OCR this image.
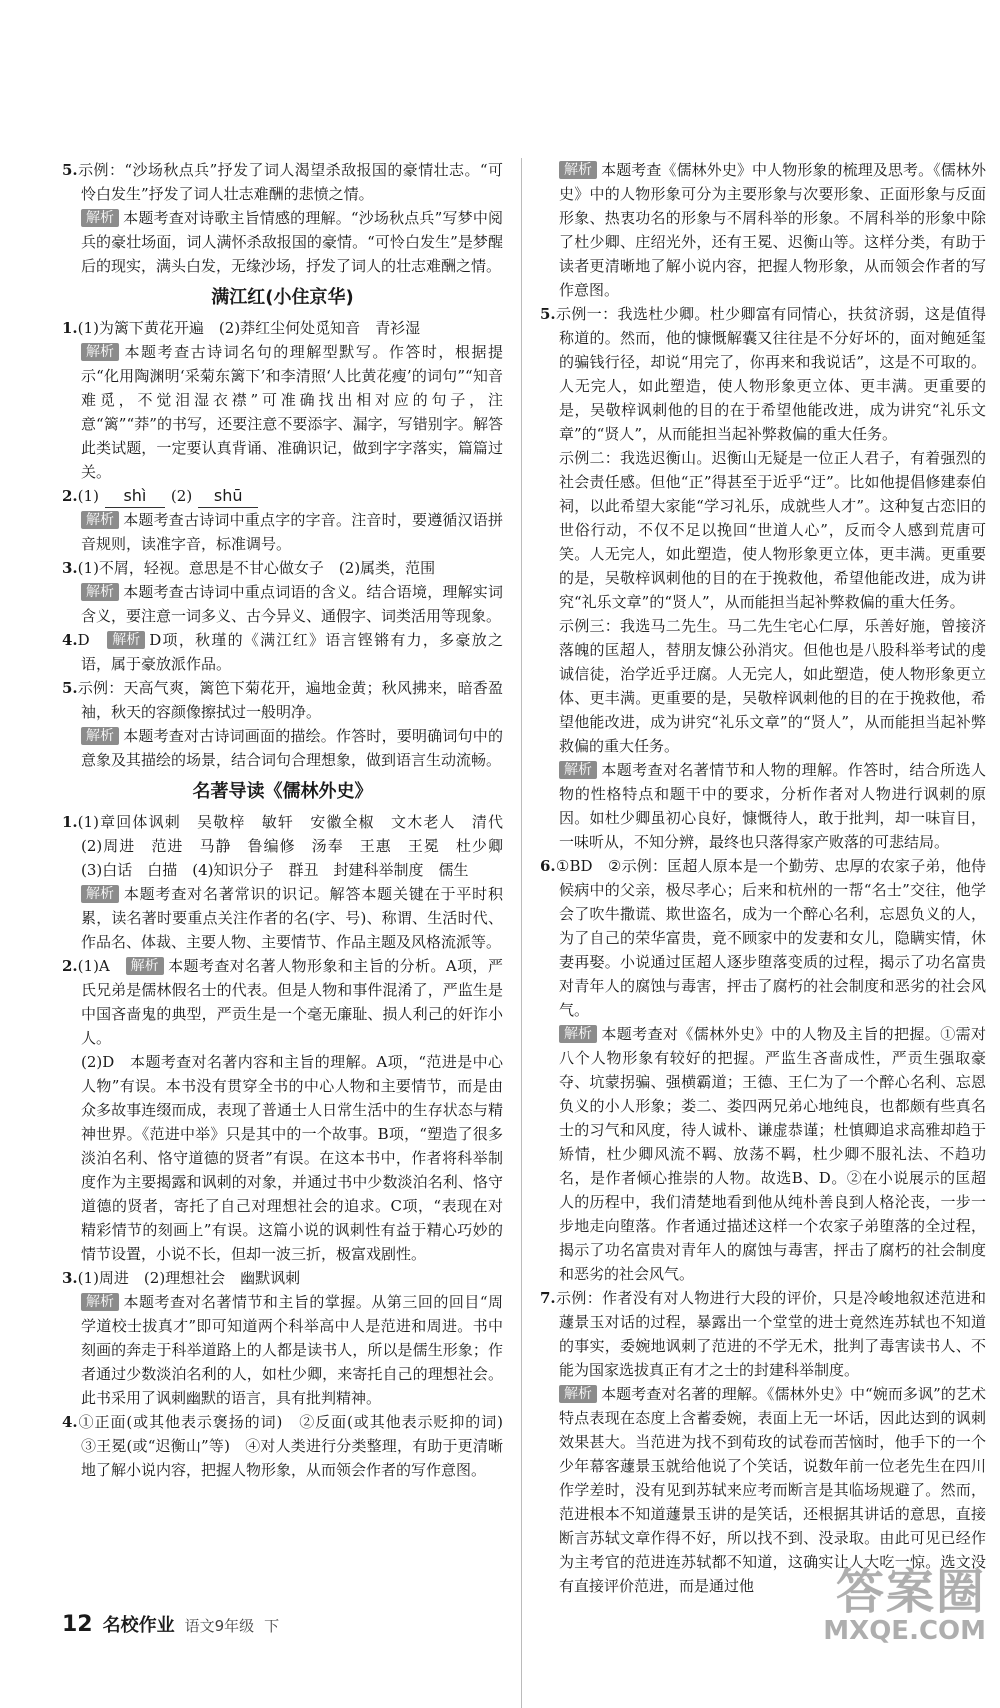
5.示例：“沙场秋点兵”抒发了词人渴望杀敌报国的豪情壮志。“可怜白发生”抒发了词人壮志难酬的悲愤之情。

解析 本题考查对诗歌主旨情感的理解。“沙场秋点兵”写梦中阅兵的豪壮场面，词人满怀杀敌报国的豪情。“可怜白发生”是梦醒后的现实，满头白发，无缘沙场，抒发了词人的壮志难酬之情。

满江红(小住京华)

1.(1)为篱下黄花开遍　(2)莽红尘何处觅知音　青衫湿

解析 本题考查古诗词名句的理解型默写。作答时，根据提示“化用陶渊明‘采菊东篱下’和李清照‘人比黄花瘦’的词句”“知音难觅，不觉泪湿衣襟”可准确找出相对应的句子，注意“篱”“莽”的书写，还要注意不要添字、漏字，写错别字。解答此类试题，一定要认真背诵、准确识记，做到字字落实，篇篇过关。

2.(1) shì (2) shū

解析 本题考查古诗词中重点字的字音。注音时，要遵循汉语拼音规则，读准字音，标准调号。

3.(1)不屑，轻视。意思是不甘心做女子　(2)属类，范围

解析 本题考查古诗词中重点词语的含义。结合语境，理解实词含义，要注意一词多义、古今异义、通假字、词类活用等现象。

4.D　 解析 D项，秋瑾的《满江红》语言铿锵有力，多豪放之语，属于豪放派作品。

5.示例：天高气爽，篱笆下菊花开，遍地金黄；秋风拂来，暗香盈袖，秋天的容颜像擦拭过一般明净。

解析 本题考查对古诗词画面的描绘。作答时，要明确词句中的意象及其描绘的场景，结合词句合理想象，做到语言生动流畅。

名著导读《儒林外史》

1.(1)章回体讽刺　吴敬梓　敏轩　安徽全椒　文木老人　清代　(2)周进　范进　马静　鲁编修　汤奉　王惠　王冕　杜少卿　(3)白话　白描　(4)知识分子　群丑　封建科举制度　儒生

解析 本题考查对名著常识的识记。解答本题关键在于平时积累，读名著时要重点关注作者的名(字、号)、称谓、生活时代、作品名、体裁、主要人物、主要情节、作品主题及风格流派等。

2.(1)A　 解析 本题考查对名著人物形象和主旨的分析。A项，严氏兄弟是儒林假名士的代表。但是人物和事件混淆了，严监生是中国吝啬鬼的典型，严贡生是一个毫无廉耻、损人利己的奸诈小人。

(2)D　本题考查对名著内容和主旨的理解。A项，“范进是中心人物”有误。本书没有贯穿全书的中心人物和主要情节，而是由众多故事连缀而成，表现了普通士人日常生活中的生存状态与精神世界。《范进中举》只是其中的一个故事。B项，“塑造了很多淡泊名利、恪守道德的贤者”有误。在这本书中，作者将科举制度作为主要揭露和讽刺的对象，并通过书中少数淡泊名利、恪守道德的贤者，寄托了自己对理想社会的追求。C项，“表现在对精彩情节的刻画上”有误。这篇小说的讽刺性有益于精心巧妙的情节设置，小说不长，但却一波三折，极富戏剧性。

3.(1)周进　(2)理想社会　幽默讽刺

解析 本题考查对名著情节和主旨的掌握。从第三回的回目“周学道校士拔真才”即可知道两个科举高中人是范进和周进。书中刻画的奔走于科举道路上的人都是读书人，所以是儒生形象；作者通过少数淡泊名利的人，如杜少卿，来寄托自己的理想社会。此书采用了讽刺幽默的语言，具有批判精神。

4.①正面(或其他表示褒扬的词)　②反面(或其他表示贬抑的词)　③王冕(或“迟衡山”等)　④对人类进行分类整理，有助于更清晰地了解小说内容，把握人物形象，从而领会作者的写作意图。

解析 本题考查《儒林外史》中人物形象的梳理及思考。《儒林外史》中的人物形象可分为主要形象与次要形象、正面形象与反面形象、热衷功名的形象与不屑科举的形象。不屑科举的形象中除了杜少卿、庄绍光外，还有王冕、迟衡山等。这样分类，有助于读者更清晰地了解小说内容，把握人物形象，从而领会作者的写作意图。

5.示例一：我选杜少卿。杜少卿富有同情心，扶贫济弱，这是值得称道的。然而，他的慷慨解囊又往往是不分好坏的，面对鲍延玺的骗钱行径，却说“用完了，你再来和我说话”，这是不可取的。人无完人，如此塑造，使人物形象更立体、更丰满。更重要的是，吴敬梓讽刺他的目的在于希望他能改进，成为讲究“礼乐文章”的“贤人”，从而能担当起补弊救偏的重大任务。

示例二：我选迟衡山。迟衡山无疑是一位正人君子，有着强烈的社会责任感。但他“正”得甚至于近乎“迂”。比如他提倡修建泰伯祠，以此希望大家能“学习礼乐，成就些人才”。这种复古恋旧的世俗行动，不仅不足以挽回“世道人心”，反而令人感到荒唐可笑。人无完人，如此塑造，使人物形象更立体，更丰满。更重要的是，吴敬梓讽刺他的目的在于挽救他，希望他能改进，成为讲究“礼乐文章”的“贤人”，从而能担当起补弊救偏的重大任务。

示例三：我选马二先生。马二先生宅心仁厚，乐善好施，曾接济落魄的匡超人，替朋友慷公孙消灾。但他也是八股科举考试的虔诚信徒，治学近乎迂腐。人无完人，如此塑造，使人物形象更立体、更丰满。更重要的是，吴敬梓讽刺他的目的在于挽救他，希望他能改进，成为讲究“礼乐文章”的“贤人”，从而能担当起补弊救偏的重大任务。

解析 本题考查对名著情节和人物的理解。作答时，结合所选人物的性格特点和题干中的要求，分析作者对人物进行讽刺的原因。如杜少卿虽初心良好，慷慨待人，敢于批判，却一味盲目，一味听从，不知分辨，最终也只落得家产败落的可悲结局。

6.①BD　②示例：匡超人原本是一个勤劳、忠厚的农家子弟，他侍候病中的父亲，极尽孝心；后来和杭州的一帮“名士”交往，他学会了吹牛撒谎、欺世盗名，成为一个醉心名利，忘恩负义的人，为了自己的荣华富贵，竟不顾家中的发妻和女儿，隐瞒实情，休妻再娶。小说通过匡超人逐步堕落变质的过程，揭示了功名富贵对青年人的腐蚀与毒害，抨击了腐朽的社会制度和恶劣的社会风气。

解析 本题考查对《儒林外史》中的人物及主旨的把握。①需对八个人物形象有较好的把握。严监生吝啬成性，严贡生强取豪夺、坑蒙拐骗、强横霸道；王德、王仁为了一个醉心名利、忘恩负义的小人形象；娄二、娄四两兄弟心地纯良，也都颇有些真名士的习气和风度，待人诚朴、谦虚恭谨；杜慎卿追求高雅却趋于矫情，杜少卿风流不羁、放荡不羁，杜少卿不服礼法、不趋功名，是作者倾心推崇的人物。故选B、D。②在小说展示的匡超人的历程中，我们清楚地看到他从纯朴善良到人格沦丧，一步一步地走向堕落。作者通过描述这样一个农家子弟堕落的全过程，揭示了功名富贵对青年人的腐蚀与毒害，抨击了腐朽的社会制度和恶劣的社会风气。

7.示例：作者没有对人物进行大段的评价，只是冷峻地叙述范进和蘧景玉对话的过程，暴露出一个堂堂的进士竟然连苏轼也不知道的事实，委婉地讽刺了范进的不学无术，批判了毒害读书人、不能为国家选拔真正有才之士的封建科举制度。

解析 本题考查对名著的理解。《儒林外史》中“婉而多讽”的艺术特点表现在态度上含蓄委婉，表面上无一坏话，因此达到的讽刺效果甚大。当范进为找不到荀玫的试卷而苦恼时，他手下的一个少年幕客蘧景玉就给他说了个笑话，说数年前一位老先生在四川作学差时，没有见到苏轼来应考而断言是其临场规避了。然而，范进根本不知道蘧景玉讲的是笑话，还根据其讲话的意思，直接断言苏轼文章作得不好，所以找不到、没录取。由此可见已经作为主考官的范进连苏轼都不知道，这确实让人大吃一惊。选文没有直接评价范进，而是通过他

12 名校作业 语文9年级 下
答案圈
MXQE.COM
